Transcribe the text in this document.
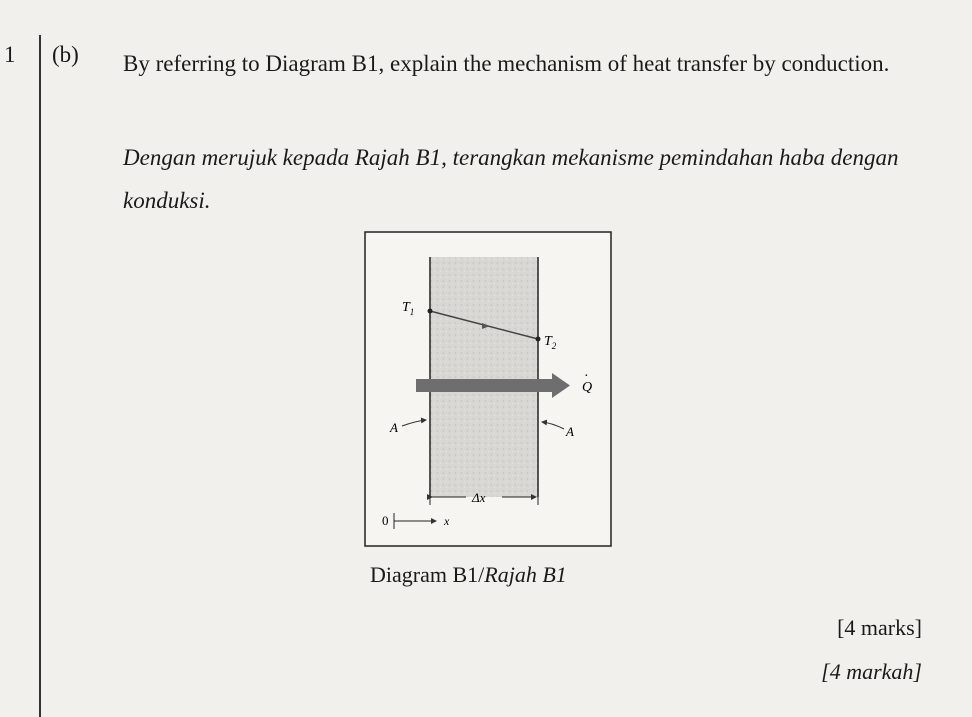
1 (b) By referring to Diagram B1, explain the mechanism of heat transfer by conduction.
Dengan merujuk kepada Rajah B1, terangkan mekanisme pemindahan haba dengan konduksi.
$T_1$
$T_2$
Q
·
A	A
Δx
0	x
Diagram B1/Rajah B1
[4 marks]
[4 markah]
